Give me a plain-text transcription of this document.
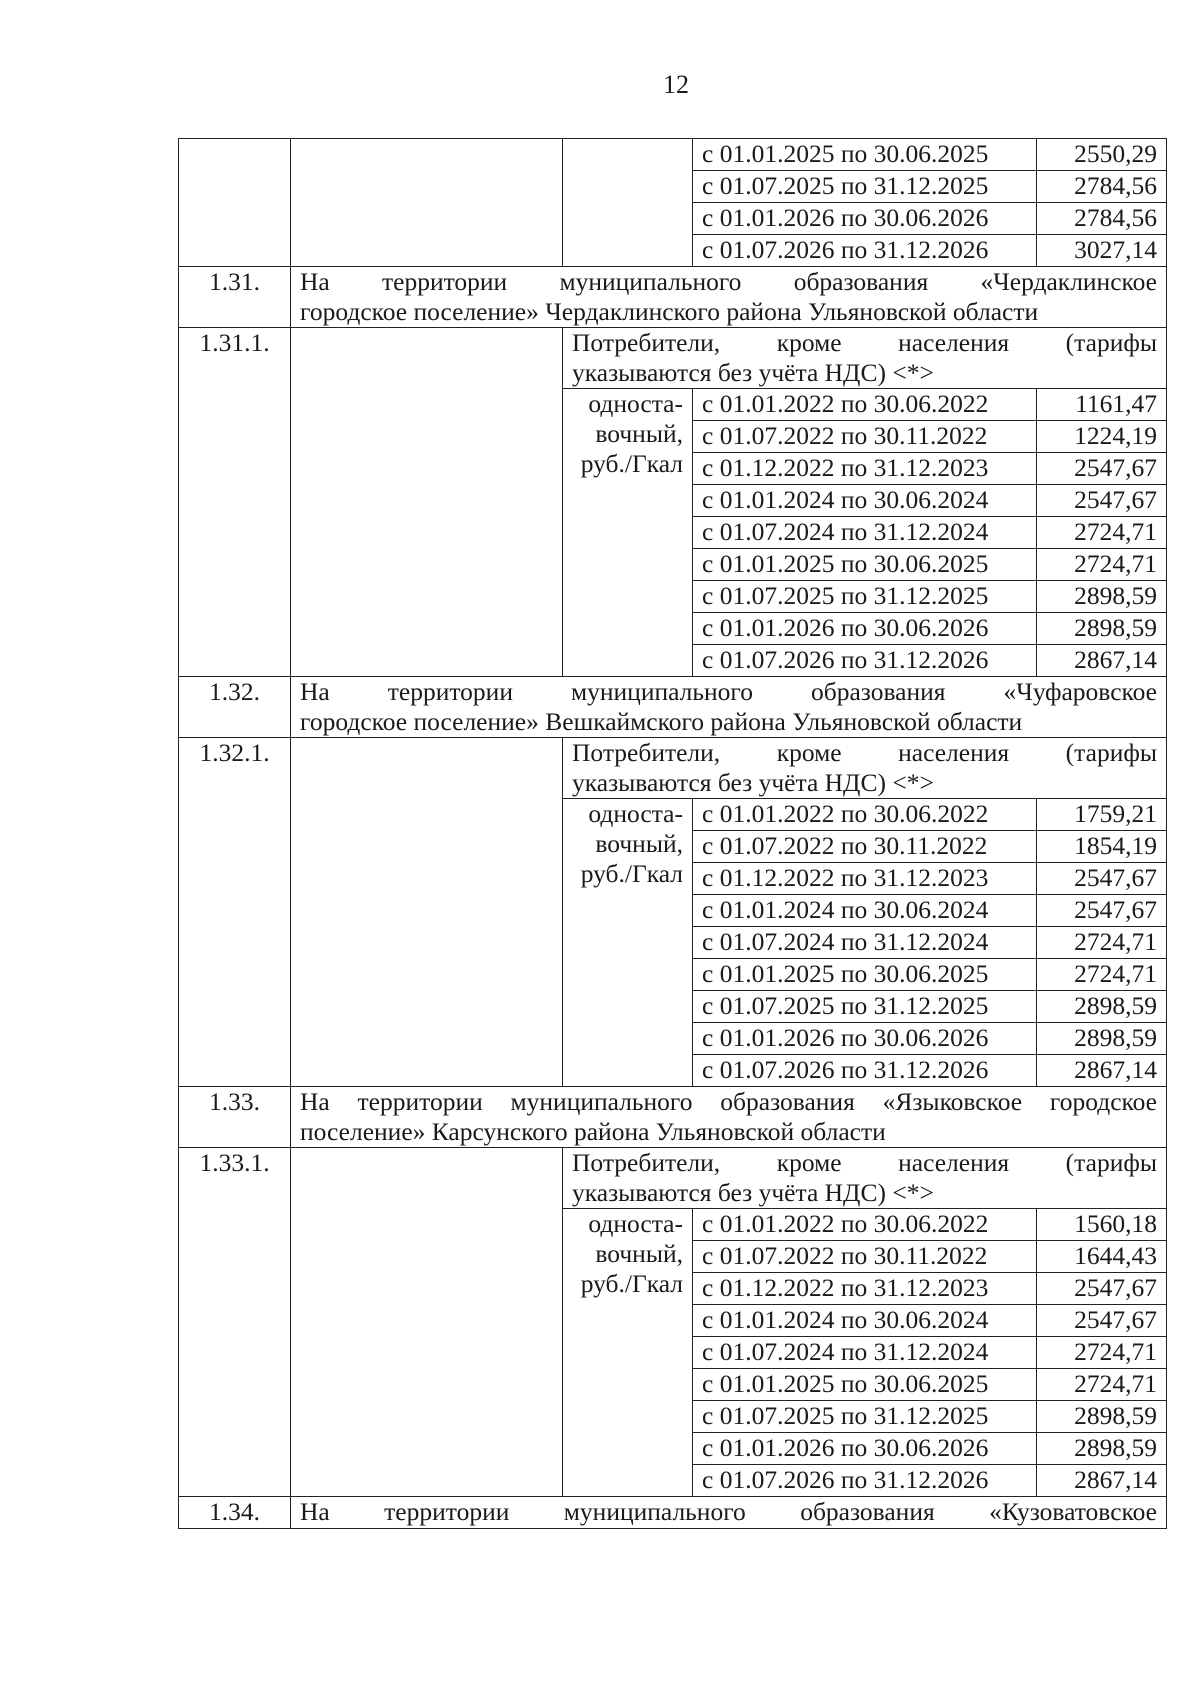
12
			с 01.01.2025 по 30.06.2025	2550,29
			с 01.07.2025 по 31.12.2025	2784,56
			с 01.01.2026 по 30.06.2026	2784,56
			с 01.07.2026 по 31.12.2026	3027,14
1.31.	На территории муниципального образования «Чердаклинское
городское поселение» Чердаклинского района Ульяновской области			

1.31.1.		Потребители, кроме населения (тарифы
указываются без учёта НДС) <*>		

		односта-
вочный,
руб./Гкал	с 01.01.2022 по 30.06.2022	1161,47
			с 01.07.2022 по 30.11.2022	1224,19
			с 01.12.2022 по 31.12.2023	2547,67
			с 01.01.2024 по 30.06.2024	2547,67
			с 01.07.2024 по 31.12.2024	2724,71
			с 01.01.2025 по 30.06.2025	2724,71
			с 01.07.2025 по 31.12.2025	2898,59
			с 01.01.2026 по 30.06.2026	2898,59
			с 01.07.2026 по 31.12.2026	2867,14
1.32.	На территории муниципального образования «Чуфаровское
городское поселение» Вешкаймского района Ульяновской области			

1.32.1.		Потребители, кроме населения (тарифы
указываются без учёта НДС) <*>		

		односта-
вочный,
руб./Гкал	с 01.01.2022 по 30.06.2022	1759,21
			с 01.07.2022 по 30.11.2022	1854,19
			с 01.12.2022 по 31.12.2023	2547,67
			с 01.01.2024 по 30.06.2024	2547,67
			с 01.07.2024 по 31.12.2024	2724,71
			с 01.01.2025 по 30.06.2025	2724,71
			с 01.07.2025 по 31.12.2025	2898,59
			с 01.01.2026 по 30.06.2026	2898,59
			с 01.07.2026 по 31.12.2026	2867,14
1.33.	На территории муниципального образования «Языковское городское
поселение» Карсунского района Ульяновской области			

1.33.1.		Потребители, кроме населения (тарифы
указываются без учёта НДС) <*>		

		односта-
вочный,
руб./Гкал	с 01.01.2022 по 30.06.2022	1560,18
			с 01.07.2022 по 30.11.2022	1644,43
			с 01.12.2022 по 31.12.2023	2547,67
			с 01.01.2024 по 30.06.2024	2547,67
			с 01.07.2024 по 31.12.2024	2724,71
			с 01.01.2025 по 30.06.2025	2724,71
			с 01.07.2025 по 31.12.2025	2898,59
			с 01.01.2026 по 30.06.2026	2898,59
			с 01.07.2026 по 31.12.2026	2867,14
1.34.	На территории муниципального образования «Кузоватовское			
